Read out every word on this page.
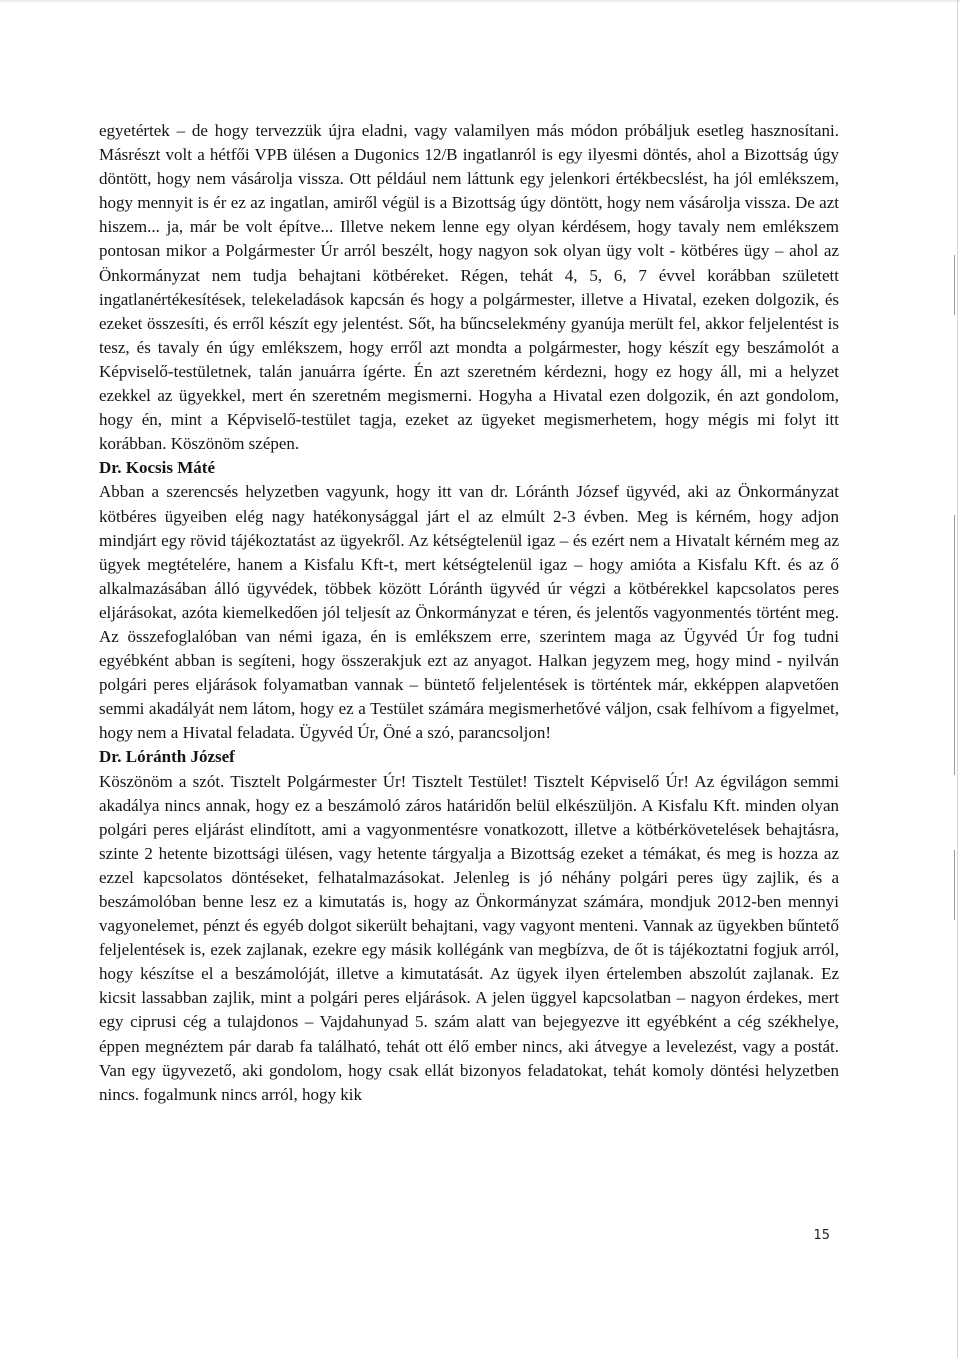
egyetértek – de hogy tervezzük újra eladni, vagy valamilyen más módon próbáljuk esetleg hasznosítani. Másrészt volt a hétfői VPB ülésen a Dugonics 12/B ingatlanról is egy ilyesmi döntés, ahol a Bizottság úgy döntött, hogy nem vásárolja vissza. Ott például nem láttunk egy jelenkori értékbecslést, ha jól emlékszem, hogy mennyit is ér ez az ingatlan, amiről végül is a Bizottság úgy döntött, hogy nem vásárolja vissza. De azt hiszem... ja, már be volt építve... Illetve nekem lenne egy olyan kérdésem, hogy tavaly nem emlékszem pontosan mikor a Polgármester Úr arról beszélt, hogy nagyon sok olyan ügy volt - kötbéres ügy – ahol az Önkormányzat nem tudja behajtani kötbéreket. Régen, tehát 4, 5, 6, 7 évvel korábban született ingatlanértékesítések, telekeladások kapcsán és hogy a polgármester, illetve a Hivatal, ezeken dolgozik, és ezeket összesíti, és erről készít egy jelentést. Sőt, ha bűncselekmény gyanúja merült fel, akkor feljelentést is tesz, és tavaly én úgy emlékszem, hogy erről azt mondta a polgármester, hogy készít egy beszámolót a Képviselő-testületnek, talán januárra ígérte. Én azt szeretném kérdezni, hogy ez hogy áll, mi a helyzet ezekkel az ügyekkel, mert én szeretném megismerni. Hogyha a Hivatal ezen dolgozik, én azt gondolom, hogy én, mint a Képviselő-testület tagja, ezeket az ügyeket megismerhetem, hogy mégis mi folyt itt korábban. Köszönöm szépen.

Dr. Kocsis Máté

Abban a szerencsés helyzetben vagyunk, hogy itt van dr. Lóránth József ügyvéd, aki az Önkormányzat kötbéres ügyeiben elég nagy hatékonysággal járt el az elmúlt 2-3 évben. Meg is kérném, hogy adjon mindjárt egy rövid tájékoztatást az ügyekről. Az kétségtelenül igaz – és ezért nem a Hivatalt kérném meg az ügyek megtételére, hanem a Kisfalu Kft-t, mert kétségtelenül igaz – hogy amióta a Kisfalu Kft. és az ő alkalmazásában álló ügyvédek, többek között Lóránth ügyvéd úr végzi a kötbérekkel kapcsolatos peres eljárásokat, azóta kiemelkedően jól teljesít az Önkormányzat e téren, és jelentős vagyonmentés történt meg. Az összefoglalóban van némi igaza, én is emlékszem erre, szerintem maga az Ügyvéd Úr fog tudni egyébként abban is segíteni, hogy összerakjuk ezt az anyagot. Halkan jegyzem meg, hogy mind - nyilván polgári peres eljárások folyamatban vannak – büntető feljelentések is történtek már, ekképpen alapvetően semmi akadályát nem látom, hogy ez a Testület számára megismerhetővé váljon, csak felhívom a figyelmet, hogy nem a Hivatal feladata. Ügyvéd Úr, Öné a szó, parancsoljon!

Dr. Lóránth József

Köszönöm a szót. Tisztelt Polgármester Úr! Tisztelt Testület! Tisztelt Képviselő Úr! Az égvilágon semmi akadálya nincs annak, hogy ez a beszámoló záros határidőn belül elkészüljön. A Kisfalu Kft. minden olyan polgári peres eljárást elindított, ami a vagyonmentésre vonatkozott, illetve a kötbérkövetelések behajtásra, szinte 2 hetente bizottsági ülésen, vagy hetente tárgyalja a Bizottság ezeket a témákat, és meg is hozza az ezzel kapcsolatos döntéseket, felhatalmazásokat. Jelenleg is jó néhány polgári peres ügy zajlik, és a beszámolóban benne lesz ez a kimutatás is, hogy az Önkormányzat számára, mondjuk 2012-ben mennyi vagyonelemet, pénzt és egyéb dolgot sikerült behajtani, vagy vagyont menteni. Vannak az ügyekben bűntető feljelentések is, ezek zajlanak, ezekre egy másik kollégánk van megbízva, de őt is tájékoztatni fogjuk arról, hogy készítse el a beszámolóját, illetve a kimutatását. Az ügyek ilyen értelemben abszolút zajlanak. Ez kicsit lassabban zajlik, mint a polgári peres eljárások. A jelen üggyel kapcsolatban – nagyon érdekes, mert egy ciprusi cég a tulajdonos – Vajdahunyad 5. szám alatt van bejegyezve itt egyébként a cég székhelye, éppen megnéztem pár darab fa található, tehát ott élő ember nincs, aki átvegye a levelezést, vagy a postát. Van egy ügyvezető, aki gondolom, hogy csak ellát bizonyos feladatokat, tehát komoly döntési helyzetben nincs. fogalmunk nincs arról, hogy kik

15
